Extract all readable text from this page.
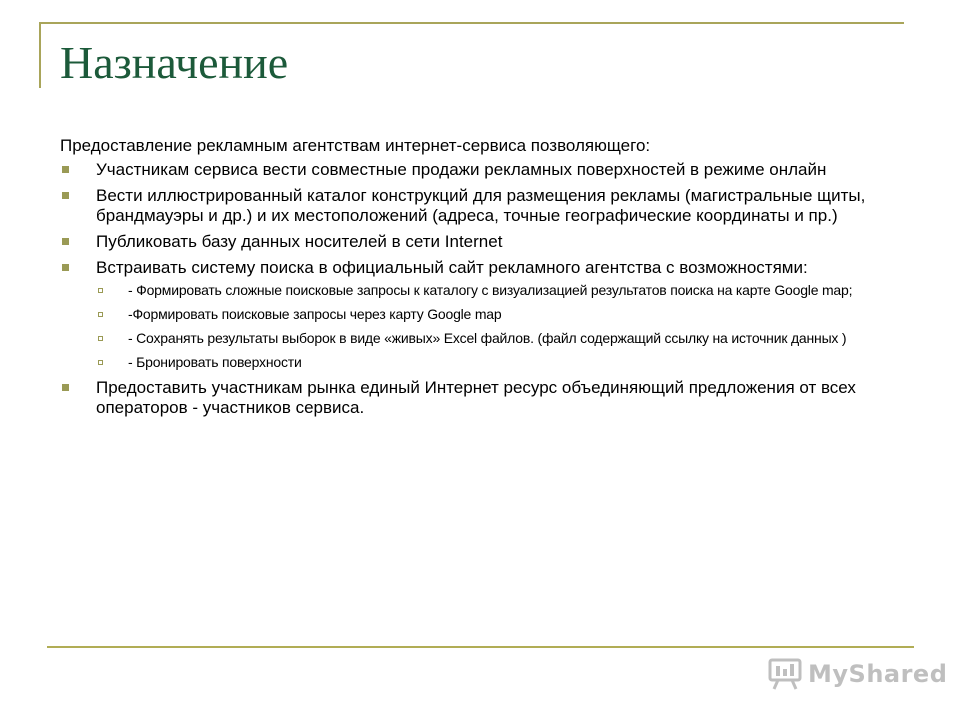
Назначение

Предоставление рекламным агентствам интернет-сервиса позволяющего:

Участникам сервиса вести совместные продажи рекламных поверхностей в режиме онлайн
Вести иллюстрированный каталог конструкций для размещения рекламы (магистральные щиты, брандмауэры и др.) и их местоположений (адреса, точные географические координаты и пр.)
Публиковать базу данных носителей в сети Internet
Встраивать систему поиска в официальный сайт рекламного агентства с возможностями:
- Формировать сложные поисковые запросы к каталогу с визуализацией результатов поиска на карте Google map;
-Формировать поисковые запросы через карту Google map
- Сохранять результаты выборок в виде «живых» Excel файлов. (файл содержащий ссылку на источник данных )
- Бронировать поверхности
Предоставить участникам рынка единый Интернет ресурс объединяющий предложения от всех операторов - участников сервиса.
MyShared
